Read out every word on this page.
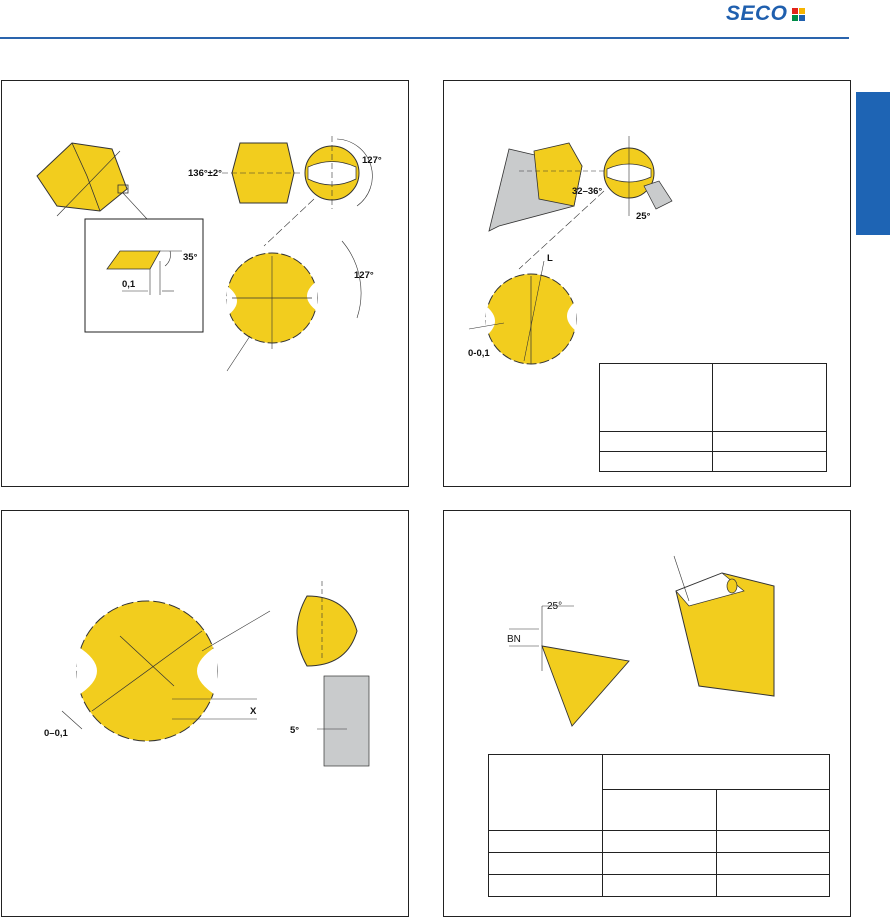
SECO
35°
0,1
136°±2°
127°
127°
32–36°
25°
L
0-0,1

0–0,1
X
5°
25°
BN
